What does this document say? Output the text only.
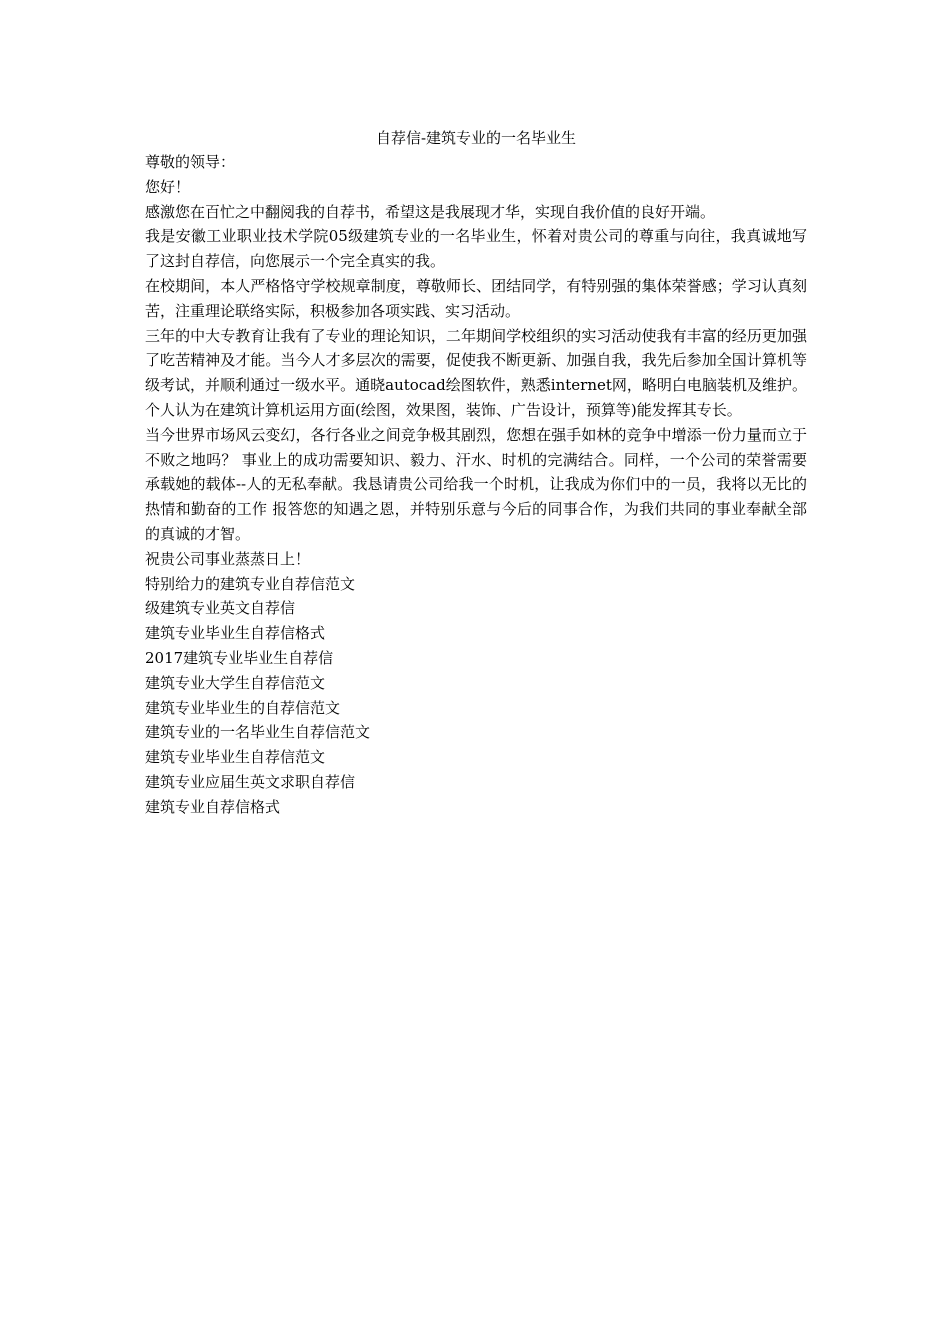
自荐信-建筑专业的一名毕业生

尊敬的领导：

您好！

感激您在百忙之中翻阅我的自荐书，希望这是我展现才华，实现自我价值的良好开端。

我是安徽工业职业技术学院05级建筑专业的一名毕业生，怀着对贵公司的尊重与向往，我真诚地写了这封自荐信，向您展示一个完全真实的我。

在校期间，本人严格恪守学校规章制度，尊敬师长、团结同学，有特别强的集体荣誉感；学习认真刻苦，注重理论联络实际，积极参加各项实践、实习活动。

三年的中大专教育让我有了专业的理论知识，二年期间学校组织的实习活动使我有丰富的经历更加强了吃苦精神及才能。当今人才多层次的需要，促使我不断更新、加强自我，我先后参加全国计算机等级考试，并顺利通过一级水平。通晓autocad绘图软件，熟悉internet网，略明白电脑装机及维护。个人认为在建筑计算机运用方面(绘图，效果图，装饰、广告设计，预算等)能发挥其专长。

当今世界市场风云变幻，各行各业之间竞争极其剧烈，您想在强手如林的竞争中增添一份力量而立于不败之地吗？ 事业上的成功需要知识、毅力、汗水、时机的完满结合。同样，一个公司的荣誉需要承载她的载体--人的无私奉献。我恳请贵公司给我一个时机，让我成为你们中的一员，我将以无比的热情和勤奋的工作 报答您的知遇之恩，并特别乐意与今后的同事合作，为我们共同的事业奉献全部的真诚的才智。

祝贵公司事业蒸蒸日上！

特别给力的建筑专业自荐信范文
级建筑专业英文自荐信
建筑专业毕业生自荐信格式
2017建筑专业毕业生自荐信
建筑专业大学生自荐信范文
建筑专业毕业生的自荐信范文
建筑专业的一名毕业生自荐信范文
建筑专业毕业生自荐信范文
建筑专业应届生英文求职自荐信
建筑专业自荐信格式
